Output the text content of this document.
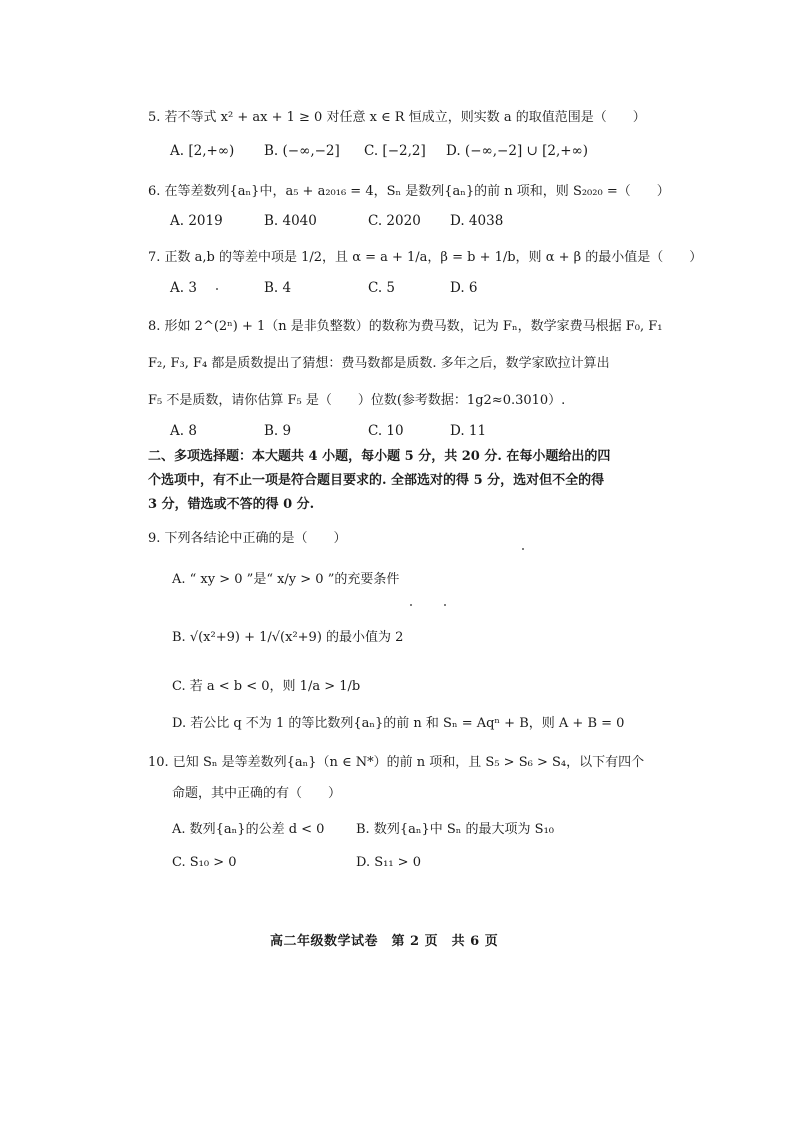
5. 若不等式 x² + ax + 1 ≥ 0 对任意 x ∈ R 恒成立，则实数 a 的取值范围是（　　）
A. [2,+∞) B. (−∞,−2] C. [−2,2] D. (−∞,−2] ∪ [2,+∞)
6. 在等差数列{aₙ}中，a₅ + a₂₀₁₆ = 4，Sₙ 是数列{aₙ}的前 n 项和，则 S₂₀₂₀ =（　　）
A. 2019	B. 4040	C. 2020 D. 4038
7. 正数 a,b 的等差中项是 1/2，且 α = a + 1/a，β = b + 1/b，则 α + β 的最小值是（　　）
A. 3	B. 4	C. 5	D. 6
8. 形如 2^(2ⁿ) + 1（n 是非负整数）的数称为费马数，记为 Fₙ，数学家费马根据 F₀, F₁
F₂, F₃, F₄ 都是质数提出了猜想：费马数都是质数. 多年之后，数学家欧拉计算出
F₅ 不是质数，请你估算 F₅ 是（　　）位数(参考数据：1g2≈0.3010）.
A. 8	B. 9	C. 10	D. 11
二、多项选择题：本大题共 4 小题，每小题 5 分，共 20 分. 在每小题给出的四个选项中，有不止一项是符合题目要求的. 全部选对的得 5 分，选对但不全的得 3 分，错选或不答的得 0 分.
9. 下列各结论中正确的是（　　）
A. “ xy > 0 ”是“ x/y > 0 ”的充要条件
B. √(x²+9) + 1/√(x²+9) 的最小值为 2
C. 若 a < b < 0，则 1/a > 1/b
D. 若公比 q 不为 1 的等比数列{aₙ}的前 n 和 Sₙ = Aqⁿ + B，则 A + B = 0
10. 已知 Sₙ 是等差数列{aₙ}（n ∈ N*）的前 n 项和，且 S₅ > S₆ > S₄，以下有四个
命题，其中正确的有（　　）
A. 数列{aₙ}的公差 d < 0 B. 数列{aₙ}中 Sₙ 的最大项为 S₁₀
C. S₁₀ > 0	D. S₁₁ > 0
高二年级数学试卷　第 2 页　共 6 页
